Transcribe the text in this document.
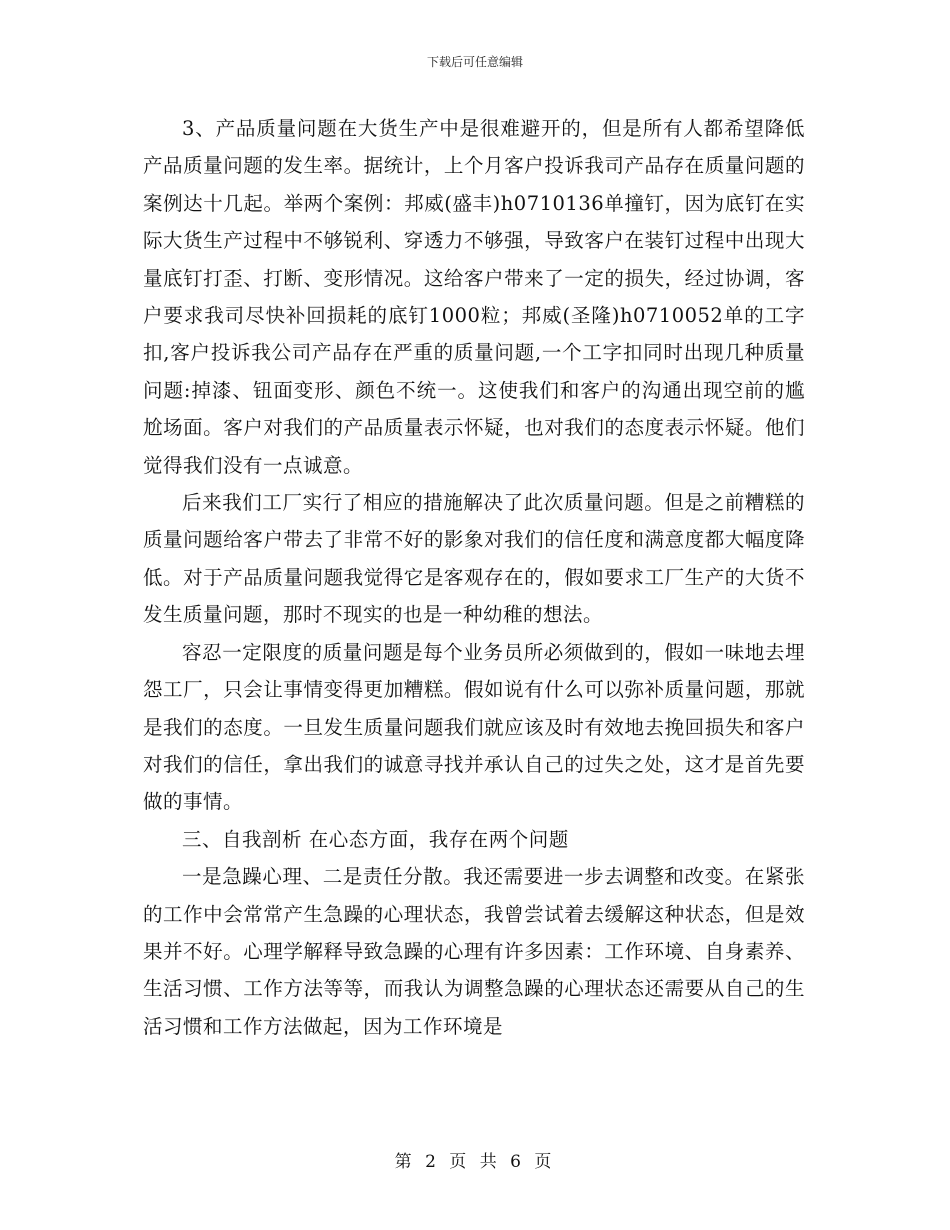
下载后可任意编辑

3、产品质量问题在大货生产中是很难避开的，但是所有人都希望降低产品质量问题的发生率。据统计，上个月客户投诉我司产品存在质量问题的案例达十几起。举两个案例：邦威(盛丰)h0710136单撞钉，因为底钉在实际大货生产过程中不够锐利、穿透力不够强，导致客户在装钉过程中出现大量底钉打歪、打断、变形情况。这给客户带来了一定的损失，经过协调，客户要求我司尽快补回损耗的底钉1000粒；邦威(圣隆)h0710052单的工字扣,客户投诉我公司产品存在严重的质量问题,一个工字扣同时出现几种质量问题:掉漆、钮面变形、颜色不统一。这使我们和客户的沟通出现空前的尴尬场面。客户对我们的产品质量表示怀疑，也对我们的态度表示怀疑。他们觉得我们没有一点诚意。

后来我们工厂实行了相应的措施解决了此次质量问题。但是之前糟糕的质量问题给客户带去了非常不好的影象对我们的信任度和满意度都大幅度降低。对于产品质量问题我觉得它是客观存在的，假如要求工厂生产的大货不发生质量问题，那时不现实的也是一种幼稚的想法。

容忍一定限度的质量问题是每个业务员所必须做到的，假如一味地去埋怨工厂，只会让事情变得更加糟糕。假如说有什么可以弥补质量问题，那就是我们的态度。一旦发生质量问题我们就应该及时有效地去挽回损失和客户对我们的信任，拿出我们的诚意寻找并承认自己的过失之处，这才是首先要做的事情。

三、自我剖析 在心态方面，我存在两个问题

一是急躁心理、二是责任分散。我还需要进一步去调整和改变。在紧张的工作中会常常产生急躁的心理状态，我曾尝试着去缓解这种状态，但是效果并不好。心理学解释导致急躁的心理有许多因素：工作环境、自身素养、生活习惯、工作方法等等，而我认为调整急躁的心理状态还需要从自己的生活习惯和工作方法做起，因为工作环境是

第 2 页 共 6 页
